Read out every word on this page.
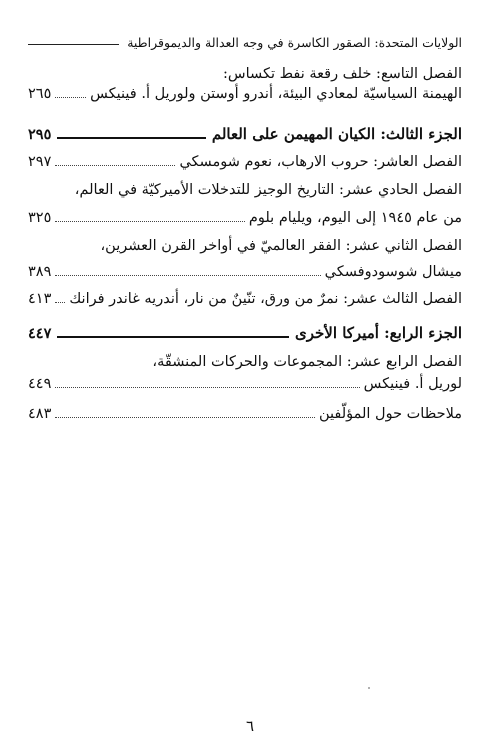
الولايات المتحدة: الصقور الكاسرة في وجه العدالة والديموقراطية
الفصل التاسع: خلف رقعة نفط تكساس:
الهيمنة السياسيّة لمعادي البيئة، أندرو أوستن ولوريل أ. فينيكس
٢٦٥
الجزء الثالث: الكيان المهيمن على العالم
٢٩٥
الفصل العاشر: حروب الارهاب، نعوم شومسكي
٢٩٧
الفصل الحادي عشر: التاريخ الوجيز للتدخلات الأميركيّة في العالم،
من عام ١٩٤٥ إلى اليوم، ويليام بلوم
٣٢٥
الفصل الثاني عشر: الفقر العالميّ في أواخر القرن العشرين،
ميشال شوسودوفسكي
٣٨٩
الفصل الثالث عشر: نمرٌ من ورق، تنّينٌ من نار، أندريه غاندر فرانك
٤١٣
الجزء الرابع: أميركا الأخرى
٤٤٧
الفصل الرابع عشر: المجموعات والحركات المنشقّة،
لوريل أ. فينيكس
٤٤٩
ملاحظات حول المؤلّفين
٤٨٣
٦
